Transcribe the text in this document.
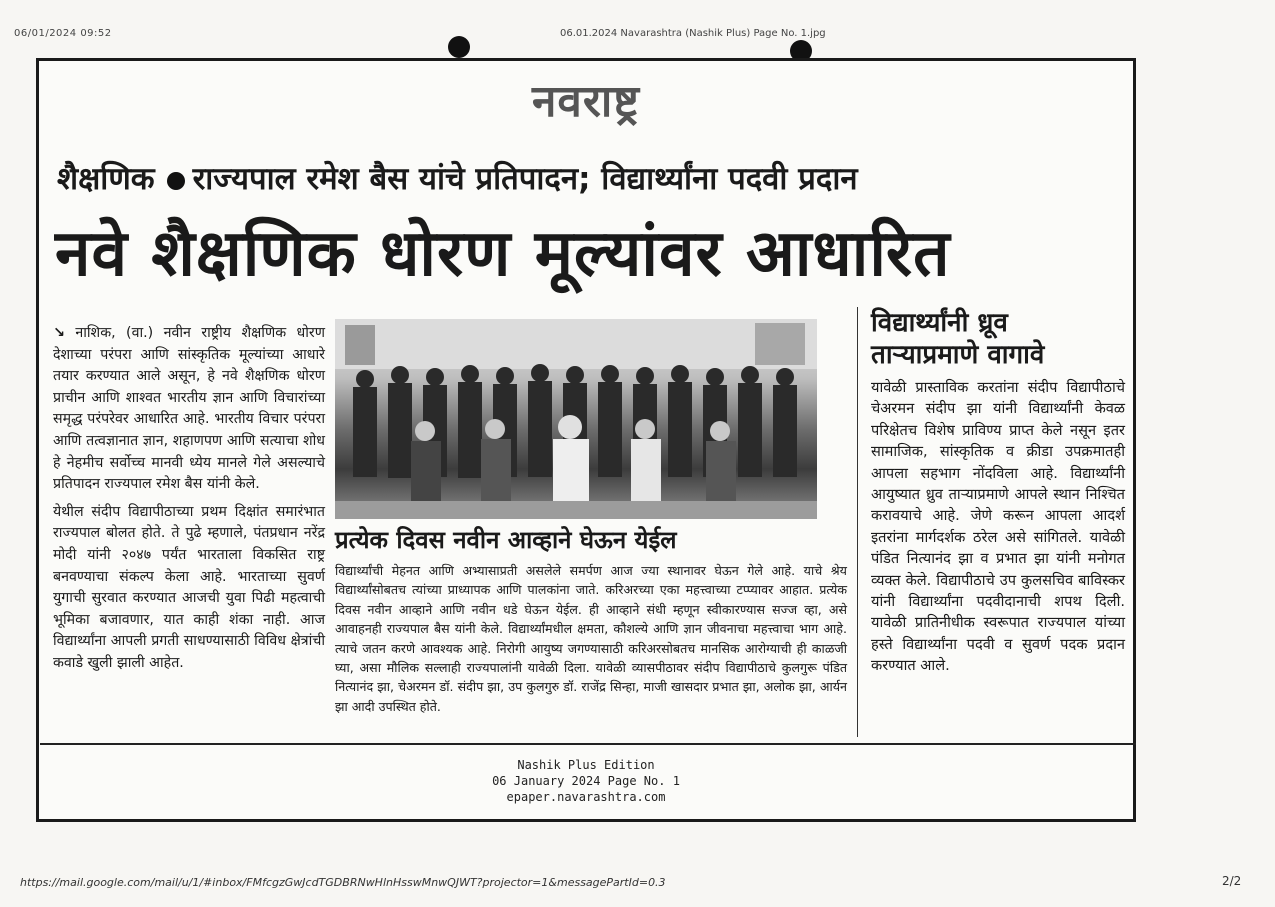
06/01/2024 09:52	06.01.2024 Navarashtra (Nashik Plus) Page No. 1.jpg
नवराष्ट्र
शैक्षणिक राज्यपाल रमेश बैस यांचे प्रतिपादन; विद्यार्थ्यांना पदवी प्रदान
नवे शैक्षणिक धोरण मूल्यांवर आधारित

↘ नाशिक, (वा.) नवीन राष्ट्रीय शैक्षणिक धोरण देशाच्या परंपरा आणि सांस्कृतिक मूल्यांच्या आधारे तयार करण्यात आले असून, हे नवे शैक्षणिक धोरण प्राचीन आणि शाश्वत भारतीय ज्ञान आणि विचारांच्या समृद्ध परंपरेवर आधारित आहे. भारतीय विचार परंपरा आणि तत्वज्ञानात ज्ञान, शहाणपण आणि सत्याचा शोध हे नेहमीच सर्वोच्च मानवी ध्येय मानले गेले असल्याचे प्रतिपादन राज्यपाल रमेश बैस यांनी केले.

येथील संदीप विद्यापीठाच्या प्रथम दिक्षांत समारंभात राज्यपाल बोलत होते. ते पुढे म्हणाले, पंतप्रधान नरेंद्र मोदी यांनी २०४७ पर्यंत भारताला विकसित राष्ट्र बनवण्याचा संकल्प केला आहे. भारताच्या सुवर्ण युगाची सुरवात करण्यात आजची युवा पिढी महत्वाची भूमिका बजावणार, यात काही शंका नाही. आज विद्यार्थ्यांना आपली प्रगती साधण्यासाठी विविध क्षेत्रांची कवाडे खुली झाली आहेत.

प्रत्येक दिवस नवीन आव्हाने घेऊन येईल
विद्यार्थ्यांची मेहनत आणि अभ्यासाप्रती असलेले समर्पण आज ज्या स्थानावर घेऊन गेले आहे. याचे श्रेय विद्यार्थ्यांसोबतच त्यांच्या प्राध्यापक आणि पालकांना जाते. करिअरच्या एका महत्त्वाच्या टप्प्यावर आहात. प्रत्येक दिवस नवीन आव्हाने आणि नवीन धडे घेऊन येईल. ही आव्हाने संधी म्हणून स्वीकारण्यास सज्ज व्हा, असे आवाहनही राज्यपाल बैस यांनी केले. विद्यार्थ्यांमधील क्षमता, कौशल्ये आणि ज्ञान जीवनाचा महत्त्वाचा भाग आहे. त्याचे जतन करणे आवश्यक आहे. निरोगी आयुष्य जगण्यासाठी करिअरसोबतच मानसिक आरोग्याची ही काळजी घ्या, असा मौलिक सल्लाही राज्यपालांनी यावेळी दिला. यावेळी व्यासपीठावर संदीप विद्यापीठाचे कुलगुरू पंडित नित्यानंद झा, चेअरमन डॉ. संदीप झा, उप कुलगुरु डॉ. राजेंद्र सिन्हा, माजी खासदार प्रभात झा, अलोक झा, आर्यन झा आदी उपस्थित होते.
विद्यार्थ्यांनी ध्रूव ताऱ्याप्रमाणे वागावे
यावेळी प्रास्ताविक करतांना संदीप विद्यापीठाचे चेअरमन संदीप झा यांनी विद्यार्थ्यांनी केवळ परिक्षेतच विशेष प्राविण्य प्राप्त केले नसून इतर सामाजिक, सांस्कृतिक व क्रीडा उपक्रमातही आपला सहभाग नोंदविला आहे. विद्यार्थ्यांनी आयुष्यात ध्रुव ताऱ्याप्रमाणे आपले स्थान निश्चित करावयाचे आहे. जेणे करून आपला आदर्श इतरांना मार्गदर्शक ठरेल असे सांगितले. यावेळी पंडित नित्यानंद झा व प्रभात झा यांनी मनोगत व्यक्त केले. विद्यापीठाचे उप कुलसचिव बाविस्कर यांनी विद्यार्थ्यांना पदवीदानाची शपथ दिली. यावेळी प्रातिनीधीक स्वरूपात राज्यपाल यांच्या हस्ते विद्यार्थ्यांना पदवी व सुवर्ण पदक प्रदान करण्यात आले.
Nashik Plus Edition
06 January 2024 Page No. 1
epaper.navarashtra.com
https://mail.google.com/mail/u/1/#inbox/FMfcgzGwJcdTGDBRNwHlnHsswMnwQJWT?projector=1&messagePartId=0.3	2/2
